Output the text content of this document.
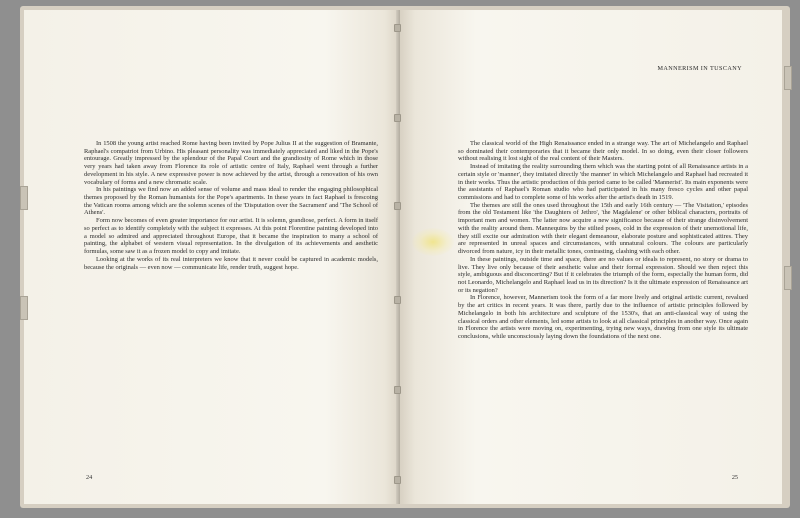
In 1508 the young artist reached Rome having been invited by Pope Julius II at the suggestion of Bramante, Raphael's compatriot from Urbino. His pleasant personality was immediately appreciated and liked in the Pope's entourage. Greatly impressed by the splendour of the Papal Court and the grandiosity of Rome which in those very years had taken away from Florence its role of artistic centre of Italy, Raphael went through a further development in his style. A new expressive power is now achieved by the artist, through a renovation of his own vocabulary of forms and a new chromatic scale.

In his paintings we find now an added sense of volume and mass ideal to render the engaging philosophical themes proposed by the Roman humanists for the Pope's apartments. In these years in fact Raphael is frescoing the Vatican rooms among which are the solemn scenes of the 'Disputation over the Sacrament' and 'The School of Athens'.

Form now becomes of even greater importance for our artist. It is solemn, grandiose, perfect. A form in itself so perfect as to identify completely with the subject it expresses. At this point Florentine painting developed into a model so admired and appreciated throughout Europe, that it became the inspiration to many a school of painting, the alphabet of western visual representation. In the divulgation of its achievements and aesthetic formulas, some saw it as a frozen model to copy and imitate.

Looking at the works of its real interpreters we know that it never could be captured in academic models, because the originals — even now — communicate life, render truth, suggest hope.

24
MANNERISM IN TUSCANY

The classical world of the High Renaissance ended in a strange way. The art of Michelangelo and Raphael so dominated their contemporaries that it became their only model. In so doing, even their closer followers without realising it lost sight of the real content of their Masters.

Instead of imitating the reality surrounding them which was the starting point of all Renaissance artists in a certain style or 'manner', they imitated directly 'the manner' in which Michelangelo and Raphael had recreated it in their works. Thus the artistic production of this period came to be called 'Mannerist'. Its main exponents were the assistants of Raphael's Roman studio who had participated in his many fresco cycles and other papal commissions and had to complete some of his works after the artist's death in 1519.

The themes are still the ones used throughout the 15th and early 16th century — 'The Visitation,' episodes from the old Testament like 'the Daughters of Jethro', 'the Magdalene' or other biblical characters, portraits of important men and women. The latter now acquire a new significance because of their strange disinvolvement with the reality around them. Mannequins by the stilted poses, cold in the expression of their unemotional life, they still excite our admiration with their elegant demeanour, elaborate posture and sophisticated attires. They are represented in unreal spaces and circumstances, with unnatural colours. The colours are particularly divorced from nature, icy in their metallic tones, contrasting, clashing with each other.

In these paintings, outside time and space, there are no values or ideals to represent, no story or drama to live. They live only because of their aesthetic value and their formal expression. Should we then reject this style, ambiguous and disconcerting? But if it celebrates the triumph of the form, especially the human form, did not Leonardo, Michelangelo and Raphael lead us in its direction? Is it the ultimate expression of Renaissance art or its negation?

In Florence, however, Mannerism took the form of a far more lively and original artistic current, revalued by the art critics in recent years. It was there, partly due to the influence of artistic principles followed by Michelangelo in both his architecture and sculpture of the 1530's, that an anti-classical way of using the classical orders and other elements, led some artists to look at all classical principles in another way. Once again in Florence the artists were moving on, experimenting, trying new ways, drawing from one style its ultimate conclusions, while unconsciously laying down the foundations of the next one.

25
